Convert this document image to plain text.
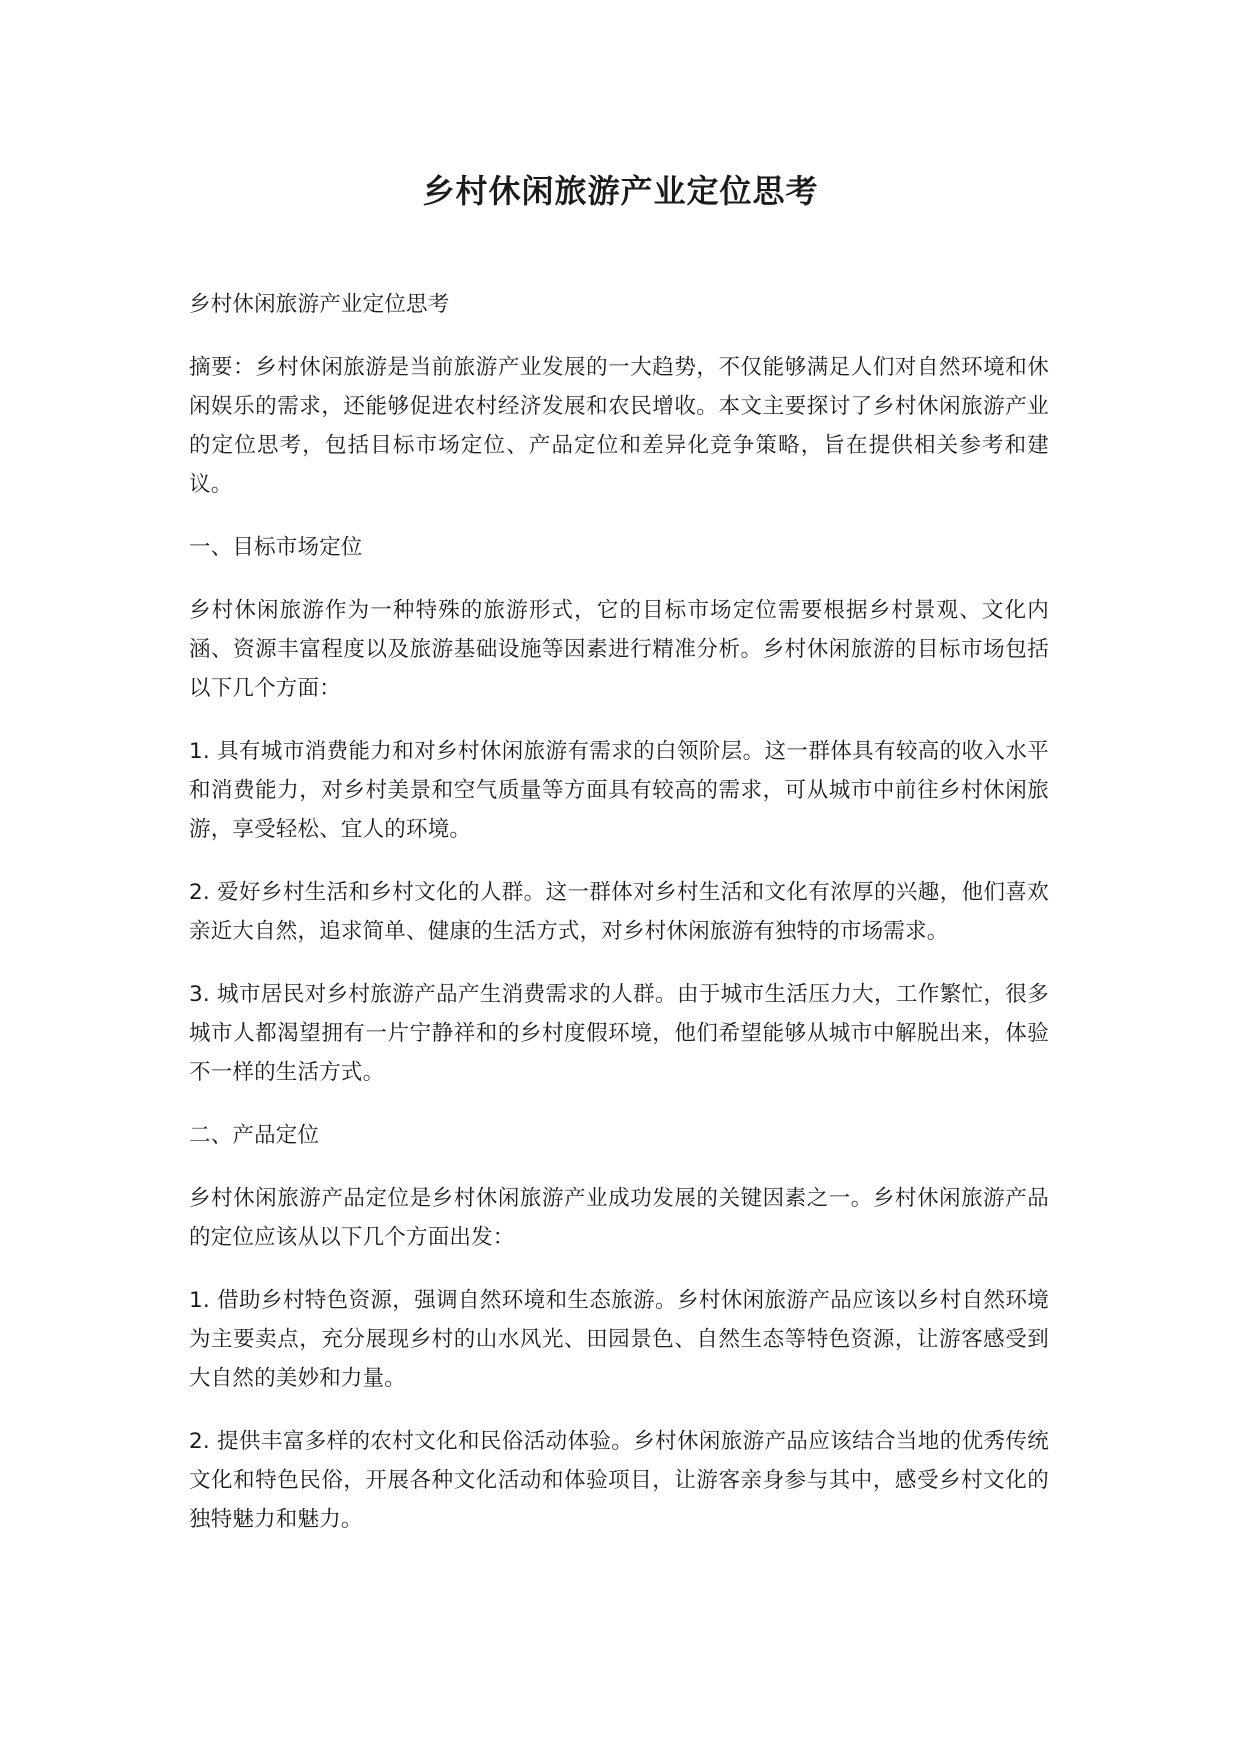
乡村休闲旅游产业定位思考

乡村休闲旅游产业定位思考

摘要：乡村休闲旅游是当前旅游产业发展的一大趋势，不仅能够满足人们对自然环境和休闲娱乐的需求，还能够促进农村经济发展和农民增收。本文主要探讨了乡村休闲旅游产业的定位思考，包括目标市场定位、产品定位和差异化竞争策略，旨在提供相关参考和建议。

一、目标市场定位

乡村休闲旅游作为一种特殊的旅游形式，它的目标市场定位需要根据乡村景观、文化内涵、资源丰富程度以及旅游基础设施等因素进行精准分析。乡村休闲旅游的目标市场包括以下几个方面：

1. 具有城市消费能力和对乡村休闲旅游有需求的白领阶层。这一群体具有较高的收入水平和消费能力，对乡村美景和空气质量等方面具有较高的需求，可从城市中前往乡村休闲旅游，享受轻松、宜人的环境。

2. 爱好乡村生活和乡村文化的人群。这一群体对乡村生活和文化有浓厚的兴趣，他们喜欢亲近大自然，追求简单、健康的生活方式，对乡村休闲旅游有独特的市场需求。

3. 城市居民对乡村旅游产品产生消费需求的人群。由于城市生活压力大，工作繁忙，很多城市人都渴望拥有一片宁静祥和的乡村度假环境，他们希望能够从城市中解脱出来，体验不一样的生活方式。

二、产品定位

乡村休闲旅游产品定位是乡村休闲旅游产业成功发展的关键因素之一。乡村休闲旅游产品的定位应该从以下几个方面出发：

1. 借助乡村特色资源，强调自然环境和生态旅游。乡村休闲旅游产品应该以乡村自然环境为主要卖点，充分展现乡村的山水风光、田园景色、自然生态等特色资源，让游客感受到大自然的美妙和力量。

2. 提供丰富多样的农村文化和民俗活动体验。乡村休闲旅游产品应该结合当地的优秀传统文化和特色民俗，开展各种文化活动和体验项目，让游客亲身参与其中，感受乡村文化的独特魅力和魅力。
